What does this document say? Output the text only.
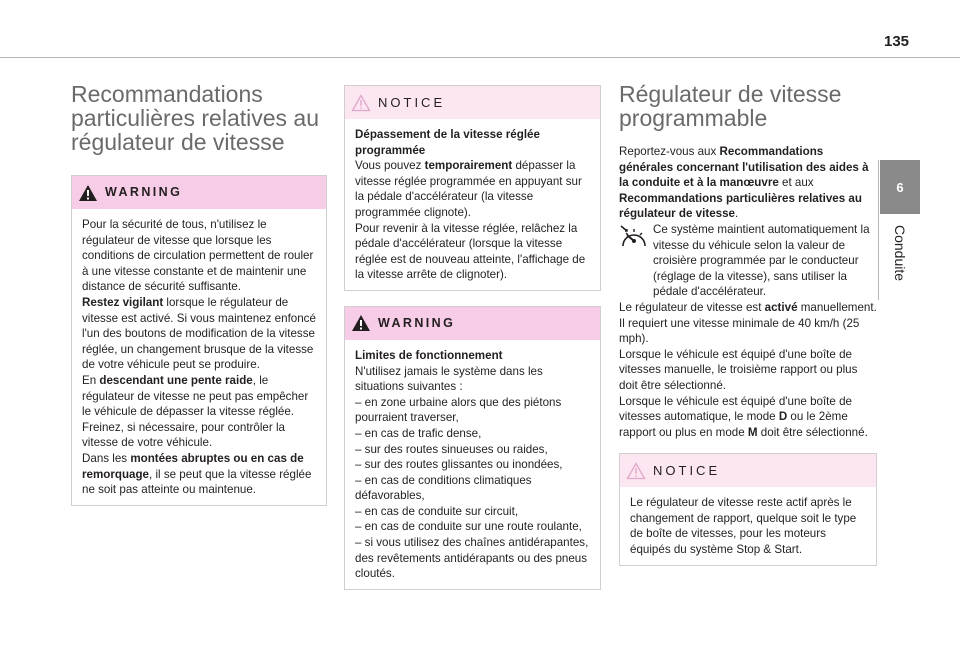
135
6
Conduite
Recommandations particulières relatives au régulateur de vitesse
WARNING

Pour la sécurité de tous, n'utilisez le régulateur de vitesse que lorsque les conditions de circulation permettent de rouler à une vitesse constante et de maintenir une distance de sécurité suffisante.

Restez vigilant lorsque le régulateur de vitesse est activé. Si vous maintenez enfoncé l'un des boutons de modification de la vitesse réglée, un changement brusque de la vitesse de votre véhicule peut se produire.

En descendant une pente raide, le régulateur de vitesse ne peut pas empêcher le véhicule de dépasser la vitesse réglée.

Freinez, si nécessaire, pour contrôler la vitesse de votre véhicule.

Dans les montées abruptes ou en cas de remorquage, il se peut que la vitesse réglée ne soit pas atteinte ou maintenue.

NOTICE

Dépassement de la vitesse réglée programmée

Vous pouvez temporairement dépasser la vitesse réglée programmée en appuyant sur la pédale d'accélérateur (la vitesse programmée clignote).

Pour revenir à la vitesse réglée, relâchez la pédale d'accélérateur (lorsque la vitesse réglée est de nouveau atteinte, l'affichage de la vitesse arrête de clignoter).

WARNING

Limites de fonctionnement

N'utilisez jamais le système dans les situations suivantes :

– en zone urbaine alors que des piétons pourraient traverser,
– en cas de trafic dense,
– sur des routes sinueuses ou raides,
– sur des routes glissantes ou inondées,
– en cas de conditions climatiques défavorables,
– en cas de conduite sur circuit,
– en cas de conduite sur une route roulante,
– si vous utilisez des chaînes antidérapantes, des revêtements antidérapants ou des pneus cloutés.
Régulateur de vitesse programmable

Reportez-vous aux Recommandations générales concernant l'utilisation des aides à la conduite et à la manœuvre et aux Recommandations particulières relatives au régulateur de vitesse.

Ce système maintient automatiquement la vitesse du véhicule selon la valeur de croisière programmée par le conducteur (réglage de la vitesse), sans utiliser la pédale d'accélérateur.

Le régulateur de vitesse est activé manuellement.

Il requiert une vitesse minimale de 40 km/h (25 mph).

Lorsque le véhicule est équipé d'une boîte de vitesses manuelle, le troisième rapport ou plus doit être sélectionné.

Lorsque le véhicule est équipé d'une boîte de vitesses automatique, le mode D ou le 2ème rapport ou plus en mode M doit être sélectionné.

NOTICE

Le régulateur de vitesse reste actif après le changement de rapport, quelque soit le type de boîte de vitesses, pour les moteurs équipés du système Stop & Start.
